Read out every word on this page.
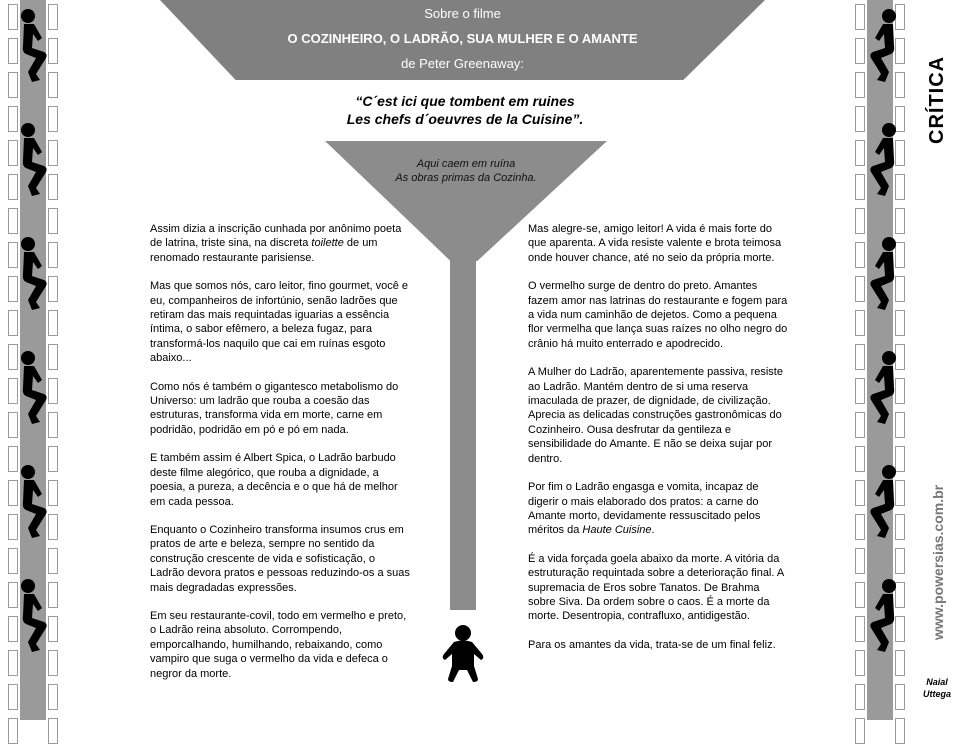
Sobre o filme
O COZINHEIRO, O LADRÃO, SUA MULHER E O AMANTE
de Peter Greenaway:
“C´est ici que tombent em ruines
Les chefs d´oeuvres de la Cuisine”.
Aqui caem em ruína
As obras primas da Cozinha.

Assim dizia a inscrição cunhada por anônimo poeta de latrina, triste sina, na discreta toilette de um renomado restaurante parisiense.

Mas que somos nós, caro leitor, fino gourmet, você e eu, companheiros de infortúnio, senão ladrões que retiram das mais requintadas iguarias a essência íntima, o sabor efêmero, a beleza fugaz, para transformá-los naquilo que cai em ruínas esgoto abaixo...

Como nós é também o gigantesco metabolismo do Universo: um ladrão que rouba a coesão das estruturas, transforma vida em morte, carne em podridão, podridão em pó e pó em nada.

E também assim é Albert Spica, o Ladrão barbudo deste filme alegórico, que rouba a dignidade, a poesia, a pureza, a decência e o que há de melhor em cada pessoa.

Enquanto o Cozinheiro transforma insumos crus em pratos de arte e beleza, sempre no sentido da construção crescente de vida e sofisticação, o Ladrão devora pratos e pessoas reduzindo-os a suas mais degradadas expressões.

Em seu restaurante-covil, todo em vermelho e preto, o Ladrão reina absoluto. Corrompendo, emporcalhando, humilhando, rebaixando, como vampiro que suga o vermelho da vida e defeca o negror da morte.

Mas alegre-se, amigo leitor! A vida é mais forte do que aparenta. A vida resiste valente e brota teimosa onde houver chance, até no seio da própria morte.

O vermelho surge de dentro do preto. Amantes fazem amor nas latrinas do restaurante e fogem para a vida num caminhão de dejetos. Como a pequena flor vermelha que lança suas raízes no olho negro do crânio há muito enterrado e apodrecido.

A Mulher do Ladrão, aparentemente passiva, resiste ao Ladrão. Mantém dentro de si uma reserva imaculada de prazer, de dignidade, de civilização. Aprecia as delicadas construções gastronômicas do Cozinheiro. Ousa desfrutar da gentileza e sensibilidade do Amante. E não se deixa sujar por dentro.

Por fim o Ladrão engasga e vomita, incapaz de digerir o mais elaborado dos pratos: a carne do Amante morto, devidamente ressuscitado pelos méritos da Haute Cuisine.

É a vida forçada goela abaixo da morte. A vitória da estruturação requintada sobre a deterioração final. A supremacia de Eros sobre Tanatos. De Brahma sobre Siva. Da ordem sobre o caos. É a morte da morte. Desentropia, contrafluxo, antidigestão.

Para os amantes da vida, trata-se de um final feliz.

CRÍTICA
www.powersias.com.br
Naial
Uttega
